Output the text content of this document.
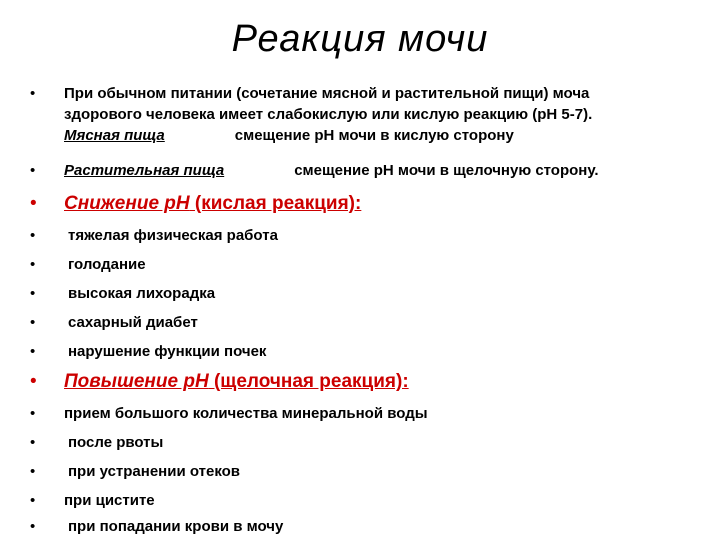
Реакция мочи
• При обычном питании (сочетание мясной и растительной пищи) моча
здорового человека имеет слабокислую или кислую реакцию (рН 5-7).
Мясная пища	смещение рН мочи в кислую сторону
• Растительная пища	смещение рН мочи в щелочную сторону.
• Снижение рН (кислая реакция):
• тяжелая физическая работа
• голодание
• высокая лихорадка
• сахарный диабет
• нарушение функции почек
• Повышение рН (щелочная реакция):
• прием большого количества минеральной воды
• после рвоты
• при устранении отеков
• при цистите
• при попадании крови в мочу
